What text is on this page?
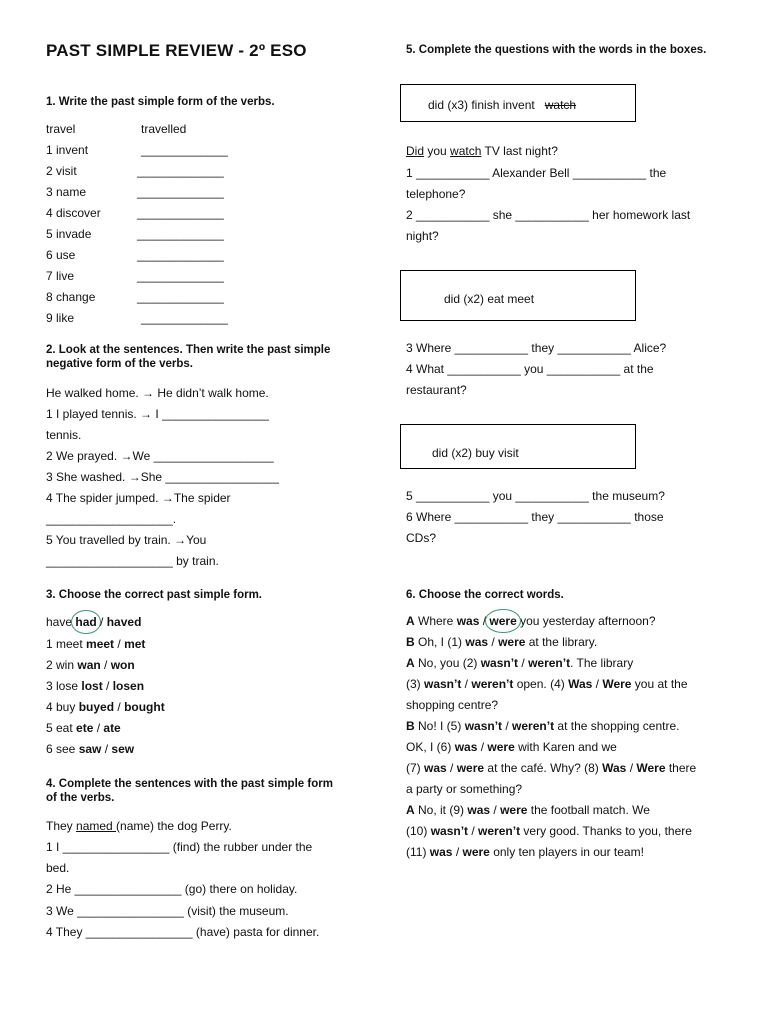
PAST SIMPLE REVIEW - 2º ESO
1. Write the past simple form of the verbs.
travel	travelled
1 invent	_____________
2 visit	_____________
3 name	_____________
4 discover	_____________
5 invade	_____________
6 use	_____________
7 live	_____________
8 change	_____________
9 like	_____________
2. Look at the sentences. Then write the past simple negative form of the verbs.
He walked home. → He didn’t walk home.
1 I played tennis. → I ________________
tennis.
2 We prayed. →We __________________
3 She washed. →She _________________
4 The spider jumped. →The spider
___________________.
5 You travelled by train. →You
___________________ by train.
3. Choose the correct past simple form.
have had / haved
1 meet meet / met
2 win wan / won
3 lose lost / losen
4 buy buyed / bought
5 eat ete / ate
6 see saw / sew
4. Complete the sentences with the past simple form of the verbs.
They named (name) the dog Perry.
1 I ________________ (find) the rubber under the
bed.
2 He ________________ (go) there on holiday.
3 We ________________ (visit) the museum.
4 They ________________ (have) pasta for dinner.
5. Complete the questions with the words in the boxes.
did (x3) finish invent watch
Did you watch TV last night?
1 ___________ Alexander Bell ___________ the
telephone?
2 ___________ she ___________ her homework last
night?
did (x2) eat meet
3 Where ___________ they ___________ Alice?
4 What ___________ you ___________ at the
restaurant?
did (x2) buy visit
5 ___________ you ___________ the museum?
6 Where ___________ they ___________ those
CDs?
6. Choose the correct words.
A Where was / were you yesterday afternoon?
B Oh, I (1) was / were at the library.
A No, you (2) wasn’t / weren’t. The library
(3) wasn’t / weren’t open. (4) Was / Were you at the
shopping centre?
B No! I (5) wasn’t / weren’t at the shopping centre.
OK, I (6) was / were with Karen and we
(7) was / were at the café. Why? (8) Was / Were there
a party or something?
A No, it (9) was / were the football match. We
(10) wasn’t / weren’t very good. Thanks to you, there
(11) was / were only ten players in our team!
